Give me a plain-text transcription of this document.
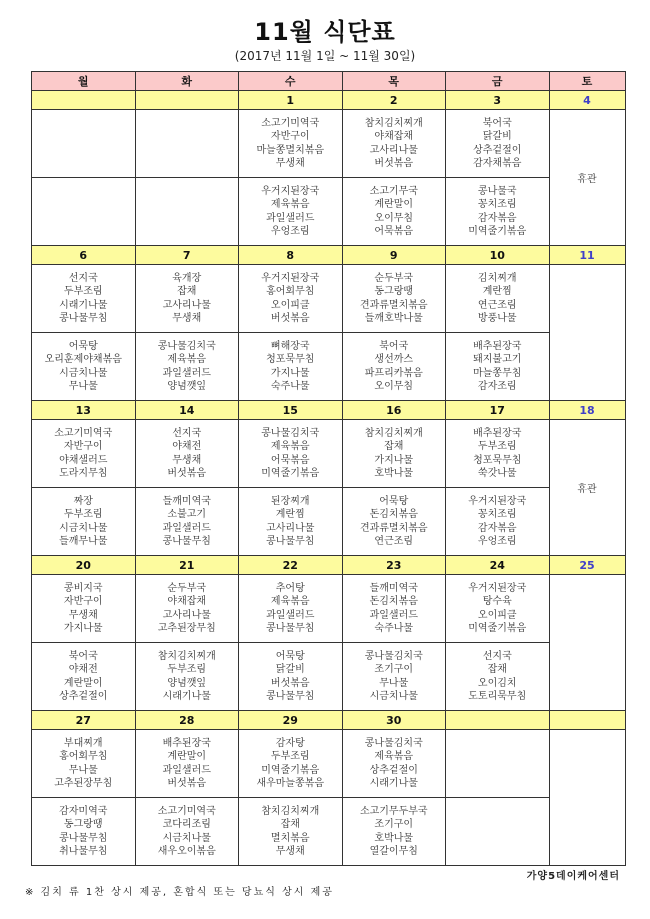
11월 식단표
(2017년 11월 1일 ~ 11월 30일)
월	화	수	목	금	토
		1	2	3	4

		소고기미역국
자반구이
마늘쫑멸치볶음
무생채	참치김치찌개
야채잡채
고사리나물
버섯볶음	북어국
닭갈비
상추겉절이
감자채볶음	휴관

		우거지된장국
제육볶음
과일샐러드
우엉조림	소고기무국
계란말이
오이무침
어묵볶음	콩나물국
꽁치조림
감자볶음
미역줄기볶음	

6	7	8	9	10	11

선지국
두부조림
시래기나물
콩나물무침	육개장
잡채
고사리나물
무생채	우거지된장국
홍어회무침
오이피클
버섯볶음	순두부국
동그랑땡
견과류멸치볶음
들깨호박나물	김치찌개
계란찜
연근조림
방풍나물	

어묵탕
오리훈제야채볶음
시금치나물
무나물	콩나물김치국
제육볶음
과일샐러드
양념깻잎	뼈해장국
청포묵무침
가지나물
숙주나물	북어국
생선까스
파프리카볶음
오이무침	배추된장국
돼지불고기
마늘쫑무침
감자조림	

13	14	15	16	17	18

소고기미역국
자반구이
야채샐러드
도라지무침	선지국
야채전
무생채
버섯볶음	콩나물김치국
제육볶음
어묵볶음
미역줄기볶음	참치김치찌개
잡채
가지나물
호박나물	배추된장국
두부조림
청포묵무침
쑥갓나물	휴관

짜장
두부조림
시금치나물
들깨무나물	들깨미역국
소불고기
과일샐러드
콩나물무침	된장찌개
계란찜
고사리나물
콩나물무침	어묵탕
돈김치볶음
견과류멸치볶음
연근조림	우거지된장국
꽁치조림
감자볶음
우엉조림	

20	21	22	23	24	25

콩비지국
자반구이
무생채
가지나물	순두부국
야채잡채
고사리나물
고추된장무침	추어탕
제육볶음
과일샐러드
콩나물무침	들깨미역국
돈김치볶음
과일샐러드
숙주나물	우거지된장국
탕수육
오이피클
미역줄기볶음	

북어국
야채전
계란말이
상추겉절이	참치김치찌개
두부조림
양념깻잎
시래기나물	어묵탕
닭갈비
버섯볶음
콩나물무침	콩나물김치국
조기구이
무나물
시금치나물	선지국
잡채
오이김치
도토리묵무침	

27	28	29	30		

부대찌개
홍어회무침
무나물
고추된장무침	배추된장국
계란말이
과일샐러드
버섯볶음	감자탕
두부조림
미역줄기볶음
새우마늘쫑볶음	콩나물김치국
제육볶음
상추겉절이
시래기나물		

감자미역국
동그랑땡
콩나물무침
취나물무침	소고기미역국
코다리조림
시금치나물
새우오이볶음	참치김치찌개
잡채
멸치볶음
무생채	소고기무두부국
조기구이
호박나물
열갈이무침		

가양5데이케어센터
※ 김치 류 1찬 상시 제공, 혼합식 또는 당뇨식 상시 제공
